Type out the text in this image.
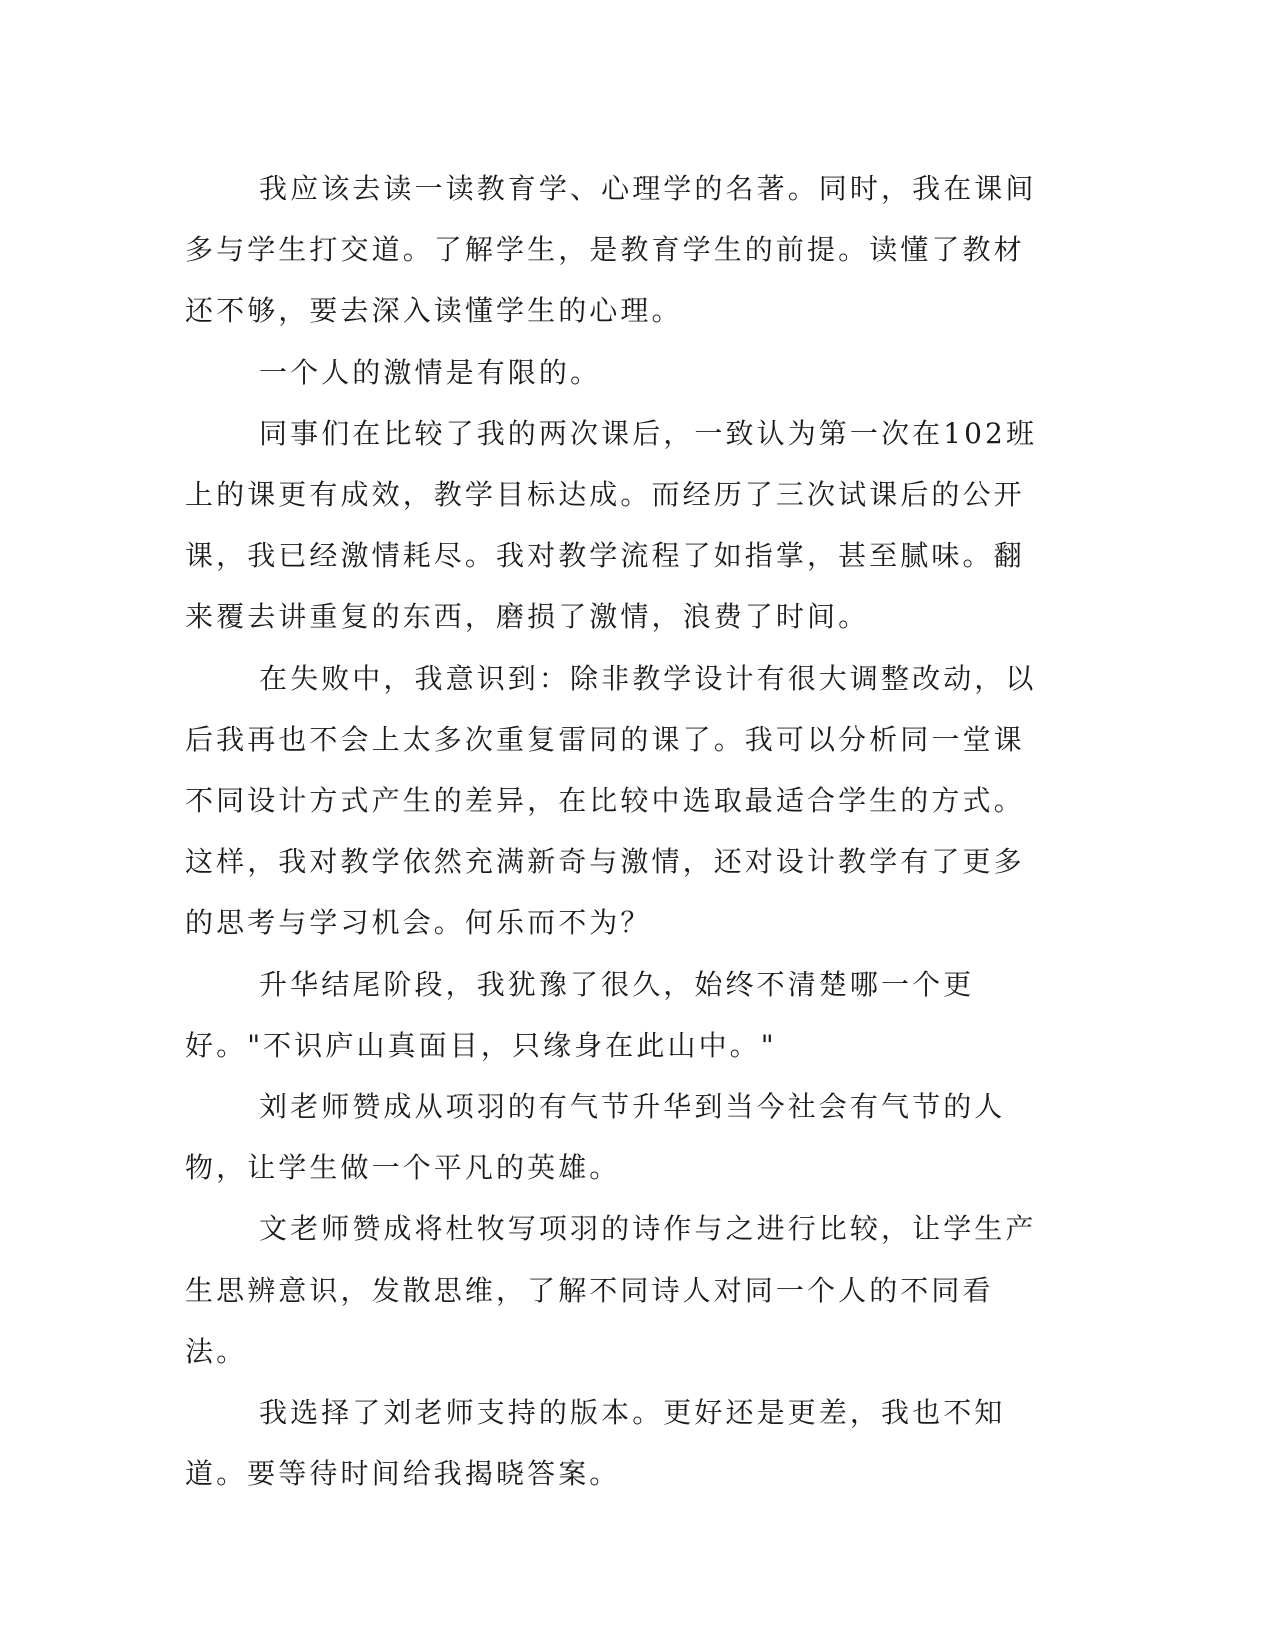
我应该去读一读教育学、心理学的名著。同时，我在课间多与学生打交道。了解学生，是教育学生的前提。读懂了教材还不够，要去深入读懂学生的心理。

一个人的激情是有限的。

同事们在比较了我的两次课后，一致认为第一次在102班上的课更有成效，教学目标达成。而经历了三次试课后的公开课，我已经激情耗尽。我对教学流程了如指掌，甚至腻味。翻来覆去讲重复的东西，磨损了激情，浪费了时间。

在失败中，我意识到：除非教学设计有很大调整改动，以后我再也不会上太多次重复雷同的课了。我可以分析同一堂课不同设计方式产生的差异，在比较中选取最适合学生的方式。这样，我对教学依然充满新奇与激情，还对设计教学有了更多的思考与学习机会。何乐而不为？

升华结尾阶段，我犹豫了很久，始终不清楚哪一个更好。"不识庐山真面目，只缘身在此山中。"

刘老师赞成从项羽的有气节升华到当今社会有气节的人物，让学生做一个平凡的英雄。

文老师赞成将杜牧写项羽的诗作与之进行比较，让学生产生思辨意识，发散思维，了解不同诗人对同一个人的不同看法。

我选择了刘老师支持的版本。更好还是更差，我也不知道。要等待时间给我揭晓答案。
